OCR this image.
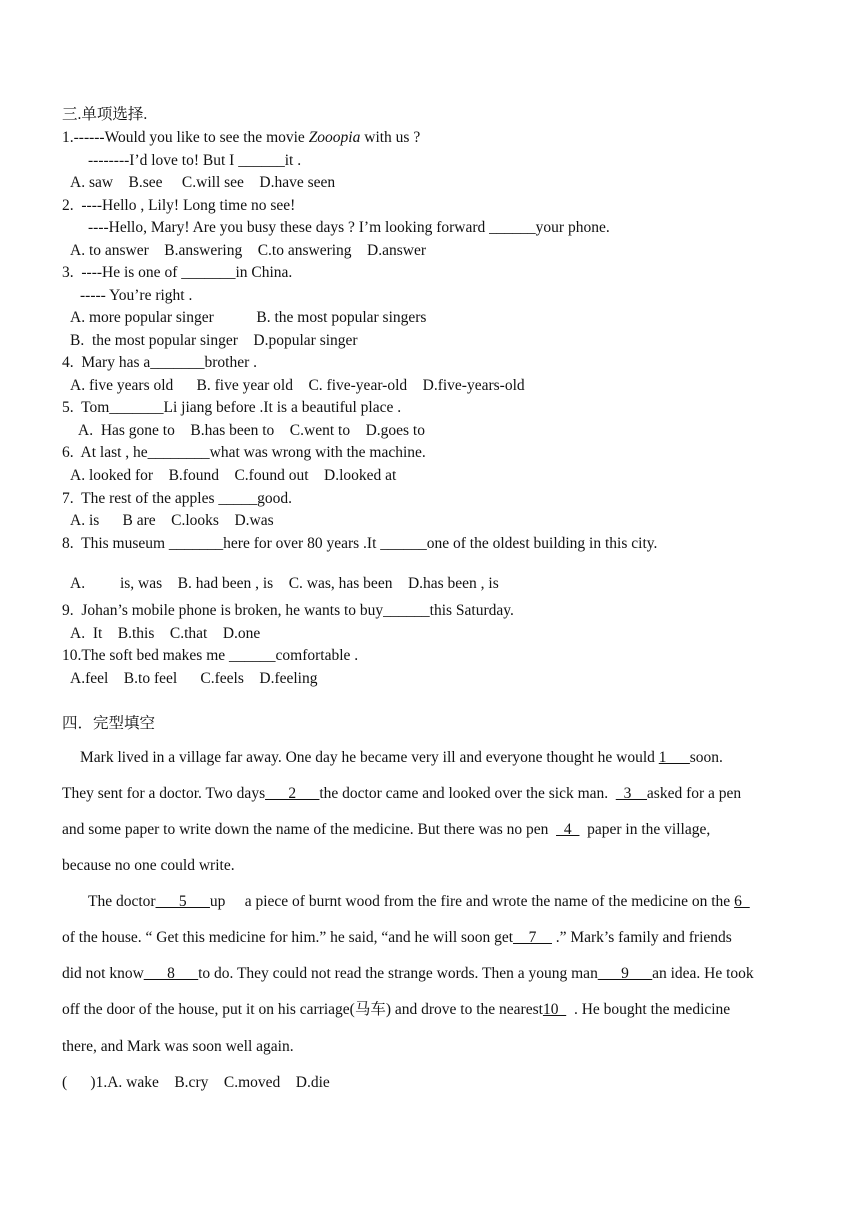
三.单项选择.
1.------Would you like to see the movie Zooopia with us ?
--------I’d love to! But I ______it .
A. saw    B.see     C.will see    D.have seen
2.  ----Hello , Lily! Long time no see!
----Hello, Mary! Are you busy these days ? I’m looking forward ______your phone.
A. to answer    B.answering    C.to answering    D.answer
3.  ----He is one of _______in China.
----- You’re right .
A. more popular singer           B. the most popular singers
B.  the most popular singer    D.popular singer
4.  Mary has a_______brother .
A. five years old      B. five year old    C. five-year-old    D.five-years-old
5.  Tom_______Li jiang before .It is a beautiful place .
A.  Has gone to    B.has been to    C.went to    D.goes to
6.  At last , he________what was wrong with the machine.
A. looked for    B.found    C.found out    D.looked at
7.  The rest of the apples _____good.
A. is      B are    C.looks    D.was
8.  This museum _______here for over 80 years .It ______one of the oldest building in this city.
A.         is, was    B. had been , is    C. was, has been    D.has been , is
9.  Johan’s mobile phone is broken, he wants to buy______this Saturday.
A.  It    B.this    C.that    D.one
10.The soft bed makes me ______comfortable .
A.feel    B.to feel      C.feels    D.feeling
四．完型填空
Mark lived in a village far away. One day he became very ill and everyone thought he would 1___soon.
They sent for a doctor. Two days___2___the doctor came and looked over the sick man.  _3__asked for a pen
and some paper to write down the name of the medicine. But there was no pen  _4_  paper in the village,
because no one could write.
The doctor___5___up     a piece of burnt wood from the fire and wrote the name of the medicine on the 6_
of the house. “ Get this medicine for him.” he said, “and he will soon get__7__ .” Mark’s family and friends
did not know___8___to do. They could not read the strange words. Then a young man___9___an idea. He took
off the door of the house, put it on his carriage(马车) and drove to the nearest10    . He bought the medicine
there, and Mark was soon well again.
(      )1.A. wake    B.cry    C.moved    D.die
